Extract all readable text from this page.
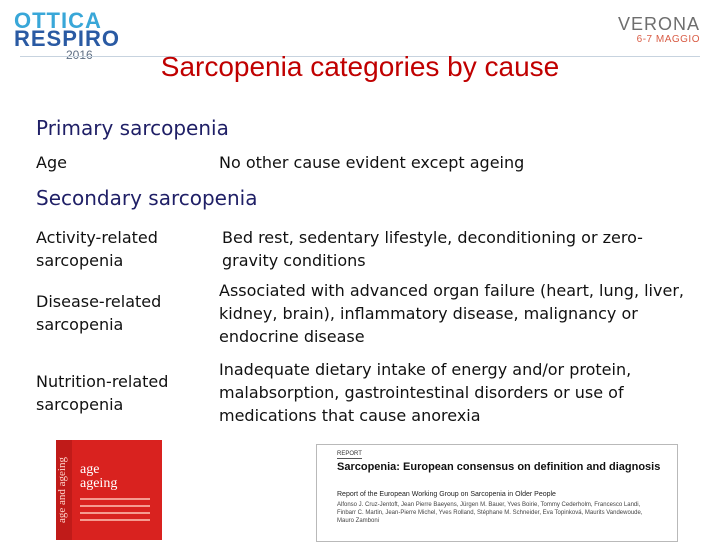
OTTICA
RESPIRO
2016
VERONA
6-7 MAGGIO
Sarcopenia categories by cause
Primary sarcopenia
Age	No other cause evident except ageing
Secondary sarcopenia
Activity-related sarcopenia
Bed rest, sedentary lifestyle, deconditioning or zero-gravity conditions
Disease-related sarcopenia
Associated with advanced organ failure (heart, lung, liver, kidney, brain), inflammatory disease, malignancy or endocrine disease
Nutrition-related sarcopenia
Inadequate dietary intake of energy and/or protein, malabsorption, gastrointestinal disorders or use of medications that cause anorexia
age and ageing age
ageing
REPORT
Sarcopenia: European consensus on definition and diagnosis
Report of the European Working Group on Sarcopenia in Older People
Alfonso J. Cruz-Jentoft, Jean Pierre Baeyens, Jürgen M. Bauer, Yves Boirie, Tommy Cederholm, Francesco Landi, Finbarr C. Martin, Jean-Pierre Michel, Yves Rolland, Stéphane M. Schneider, Eva Topinková, Maurits Vandewoude, Mauro Zamboni
